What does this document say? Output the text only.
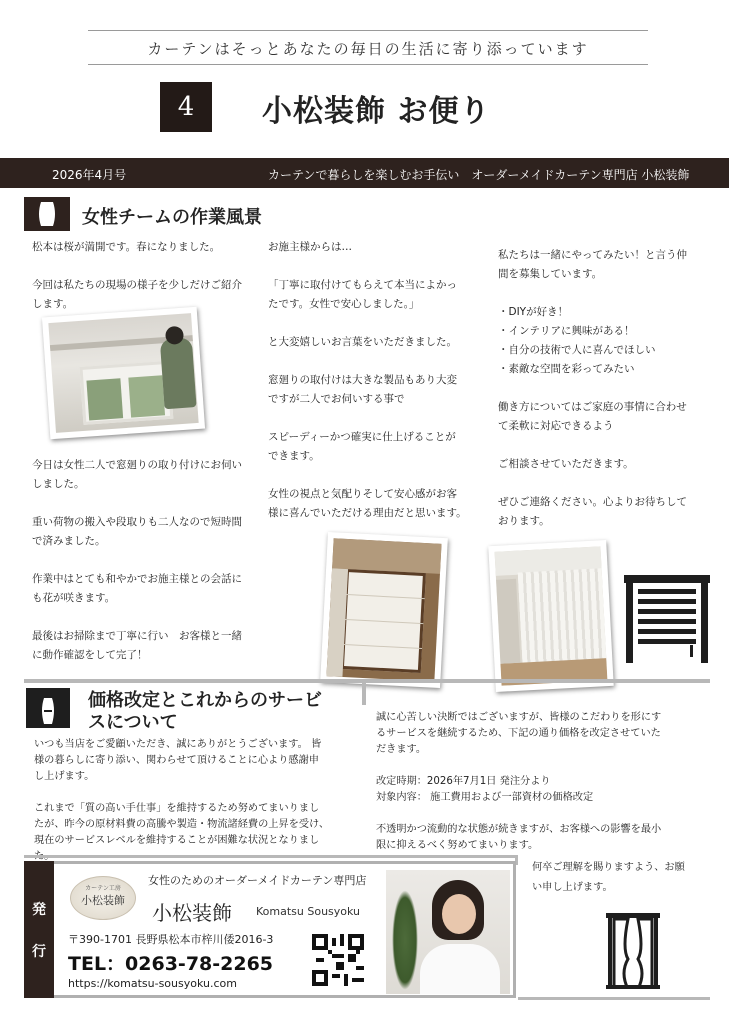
カーテンはそっとあなたの毎日の生活に寄り添っています
4	小松装飾 お便り
2026年4月号	カーテンで暮らしを楽しむお手伝い　オーダーメイドカーテン専門店 小松装飾
女性チームの作業風景
松本は桜が満開です。春になりました。
今回は私たちの現場の様子を少しだけご紹介
します。
今日は女性二人で窓廻りの取り付けにお伺い
しました。
重い荷物の搬入や段取りも二人なので短時間
で済みました。
作業中はとても和やかでお施主様との会話に
も花が咲きます。
最後はお掃除まで丁寧に行い　お客様と一緒
に動作確認をして完了！
お施主様からは…
「丁寧に取付けてもらえて本当によかっ
たです。女性で安心しました。」
と大変嬉しいお言葉をいただきました。
窓廻りの取付けは大きな製品もあり大変
ですが二人でお伺いする事で
スピーディーかつ確実に仕上げることが
できます。
女性の視点と気配りそして安心感がお客
様に喜んでいただける理由だと思います。
私たちは一緒にやってみたい！と言う仲
間を募集しています。
・DIYが好き！
・インテリアに興味がある！
・自分の技術で人に喜んでほしい
・素敵な空間を彩ってみたい
働き方についてはご家庭の事情に合わせ
て柔軟に対応できるよう
ご相談させていただきます。
ぜひご連絡ください。心よりお待ちして
おります。
価格改定とこれからのサービ
スについて
いつも当店をご愛顧いただき、誠にありがとうございます。 皆
様の暮らしに寄り添い、関わらせて頂けることに心より感謝申
し上げます。
これまで「質の高い手仕事」を維持するため努めてまいりまし
たが、昨今の原材料費の高騰や製造・物流諸経費の上昇を受け、
現在のサービスレベルを維持することが困難な状況となりまし
誠に心苦しい決断ではございますが、皆様のこだわりを形にす
るサービスを継続するため、下記の通り価格を改定させていた
だきます。
改定時期：2026年7月1日 発注分より
対象内容： 施工費用および一部資材の価格改定
不透明かつ流動的な状態が続きますが、お客様への影響を最小
限に抑えるべく努めてまいります。
何卒ご理解を賜りますよう、お願
い申し上げます。
発
行
カーテン工房
小松装飾
女性のためのオーダーメイドカーテン専門店
小松装飾 Komatsu Sousyoku
〒390-1701 長野県松本市梓川倭2016-3
TEL：0263-78-2265
https://komatsu-sousyoku.com
